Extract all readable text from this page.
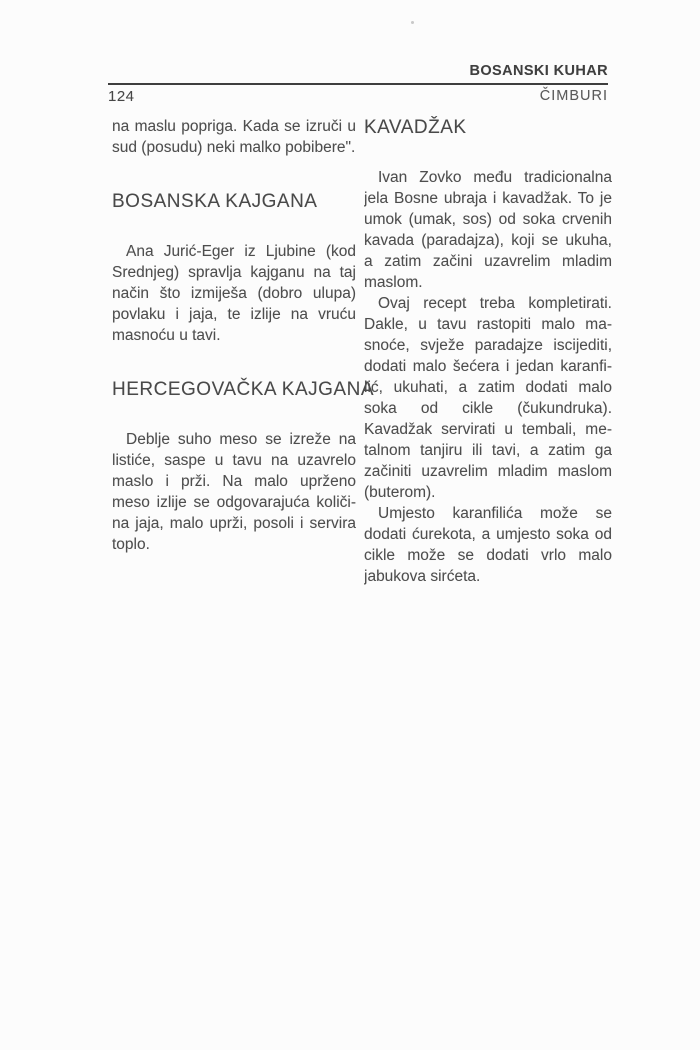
BOSANSKI KUHAR
124	ČIMBURI
na maslu popriga. Kada se izruči u
sud (posudu) neki malko pobibere".
BOSANSKA KAJGANA
Ana Jurić-Eger iz Ljubine (kod
Srednjeg) spravlja kajganu na taj
način što izmiješa (dobro ulupa)
povlaku i jaja, te izlije na vruću
masnoću u tavi.
HERCEGOVAČKA KAJGANA
Deblje suho meso se izreže na
listiće, saspe u tavu na uzavrelo
maslo i prži. Na malo uprženo
meso izlije se odgovarajuća količi-
na jaja, malo uprži, posoli i servira
toplo.
KAVADŽAK
Ivan Zovko među tradicionalna
jela Bosne ubraja i kavadžak. To je
umok (umak, sos) od soka crvenih
kavada (paradajza), koji se ukuha,
a zatim začini uzavrelim mladim
maslom.
Ovaj recept treba kompletirati.
Dakle, u tavu rastopiti malo ma-
snoće, svježe paradajze iscijediti,
dodati malo šećera i jedan karanfi-
lić, ukuhati, a zatim dodati malo
soka od cikle (čukundruka).
Kavadžak servirati u tembali, me-
talnom tanjiru ili tavi, a zatim ga
začiniti uzavrelim mladim maslom
(buterom).
Umjesto karanfilića može se
dodati ćurekota, a umjesto soka od
cikle može se dodati vrlo malo
jabukova sirćeta.
